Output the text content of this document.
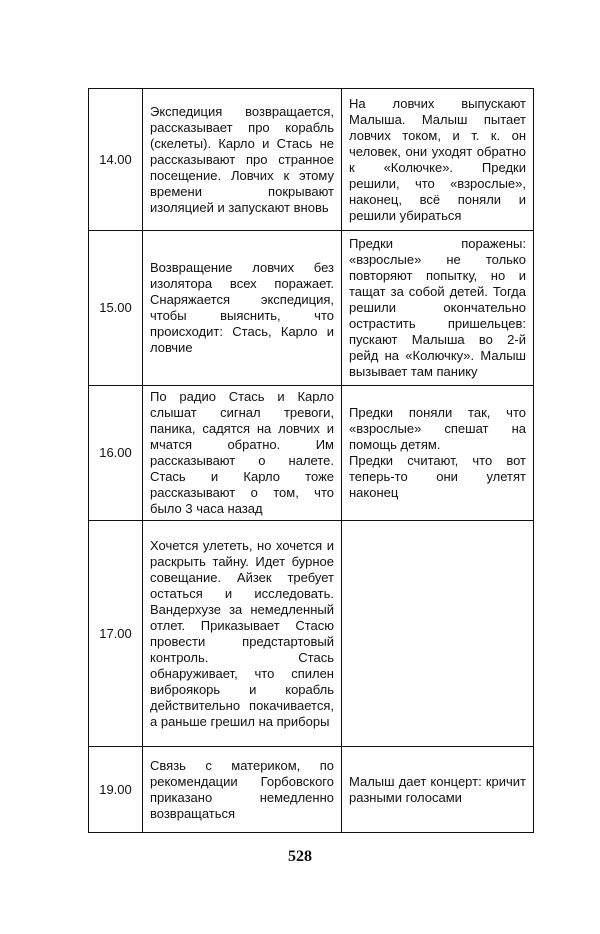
14.00	Экспедиция возвращается, рассказывает про корабль (скелеты). Карло и Стась не рассказывают про странное посещение. Ловчих к этому времени покрывают изоляцией и запускают вновь	На ловчих выпускают Малыша. Малыш пытает ловчих током, и т. к. он человек, они уходят обратно к «Колючке». Предки решили, что «взрослые», наконец, всё поняли и решили убираться

15.00	Возвращение ловчих без изолятора всех поражает. Снаряжается экспедиция, чтобы выяснить, что происходит: Стась, Карло и ловчие	Предки поражены: «взрослые» не только повторяют попытку, но и тащат за собой детей. Тогда решили окончательно острастить пришельцев: пускают Малыша во 2-й рейд на «Колючку». Малыш вызывает там панику

16.00	По радио Стась и Карло слышат сигнал тревоги, паника, садятся на ловчих и мчатся обратно. Им рассказывают о налете. Стась и Карло тоже рассказывают о том, что было 3 часа назад	Предки поняли так, что «взрослые» спешат на помощь детям.
Предки считают, что вот теперь-то они улетят наконец

17.00	Хочется улететь, но хочется и раскрыть тайну. Идет бурное совещание. Айзек требует остаться и исследовать. Вандерхузе за немедленный отлет. Приказывает Стасю провести предстартовый контроль. Стась обнаруживает, что спилен виброякорь и корабль действительно покачивается, а раньше грешил на приборы	
19.00	Связь с материком, по рекомендации Горбовского приказано немедленно возвращаться	Малыш дает концерт: кричит разными голосами
528
